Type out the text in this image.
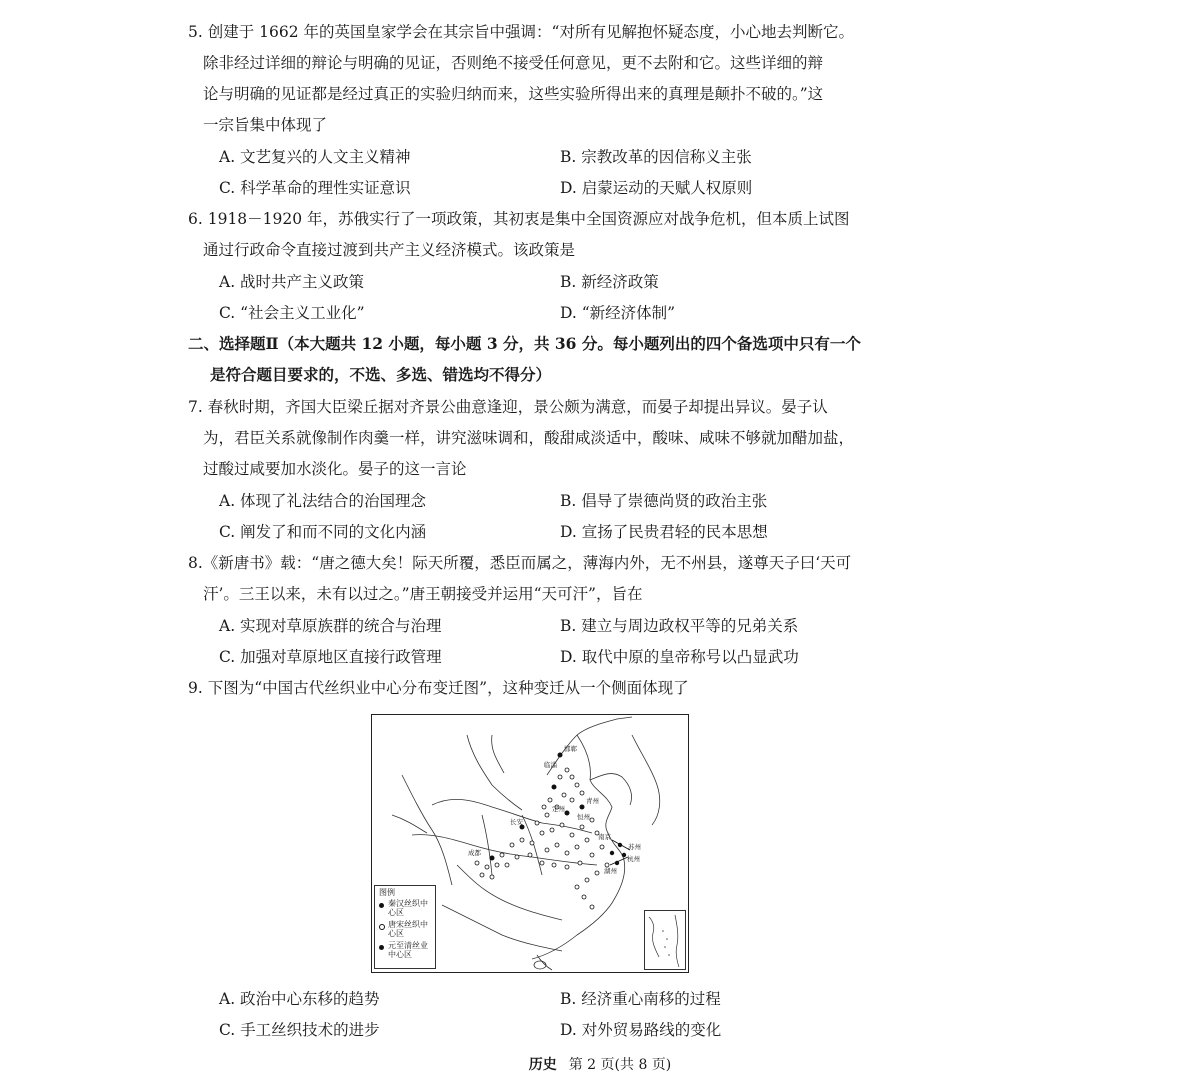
5. 创建于 1662 年的英国皇家学会在其宗旨中强调：“对所有见解抱怀疑态度，小心地去判断它。
除非经过详细的辩论与明确的见证，否则绝不接受任何意见，更不去附和它。这些详细的辩
论与明确的见证都是经过真正的实验归纳而来，这些实验所得出来的真理是颠扑不破的。”这
一宗旨集中体现了
A. 文艺复兴的人文主义精神	B. 宗教改革的因信称义主张
C. 科学革命的理性实证意识	D. 启蒙运动的天赋人权原则
6. 1918－1920 年，苏俄实行了一项政策，其初衷是集中全国资源应对战争危机，但本质上试图
通过行政命令直接过渡到共产主义经济模式。该政策是
A. 战时共产主义政策	B. 新经济政策
C. “社会主义工业化”	D. “新经济体制”
二、选择题Ⅱ（本大题共 12 小题，每小题 3 分，共 36 分。每小题列出的四个备选项中只有一个
是符合题目要求的，不选、多选、错选均不得分）
7. 春秋时期，齐国大臣梁丘据对齐景公曲意逢迎，景公颇为满意，而晏子却提出异议。晏子认
为，君臣关系就像制作肉羹一样，讲究滋味调和，酸甜咸淡适中，酸味、咸味不够就加醋加盐，
过酸过咸要加水淡化。晏子的这一言论
A. 体现了礼法结合的治国理念	B. 倡导了崇德尚贤的政治主张
C. 阐发了和而不同的文化内涵	D. 宣扬了民贵君轻的民本思想
8.《新唐书》载：“唐之德大矣！际天所覆，悉臣而属之，薄海内外，无不州县，遂尊天子曰‘天可
汗’。三王以来，未有以过之。”唐王朝接受并运用“天可汗”，旨在
A. 实现对草原族群的统合与治理	B. 建立与周边政权平等的兄弟关系
C. 加强对草原地区直接行政管理	D. 取代中原的皇帝称号以凸显武功
9. 下图为“中国古代丝织业中心分布变迁图”，这种变迁从一个侧面体现了
邯郸
临淄
定州
恒州
青州
长安
成都
南京
杭州
湖州
苏州
图例
秦汉丝织中心区
唐宋丝织中心区
元至清丝业中心区
A. 政治中心东移的趋势	B. 经济重心南移的过程
C. 手工丝织技术的进步	D. 对外贸易路线的变化
历史 第 2 页(共 8 页)
